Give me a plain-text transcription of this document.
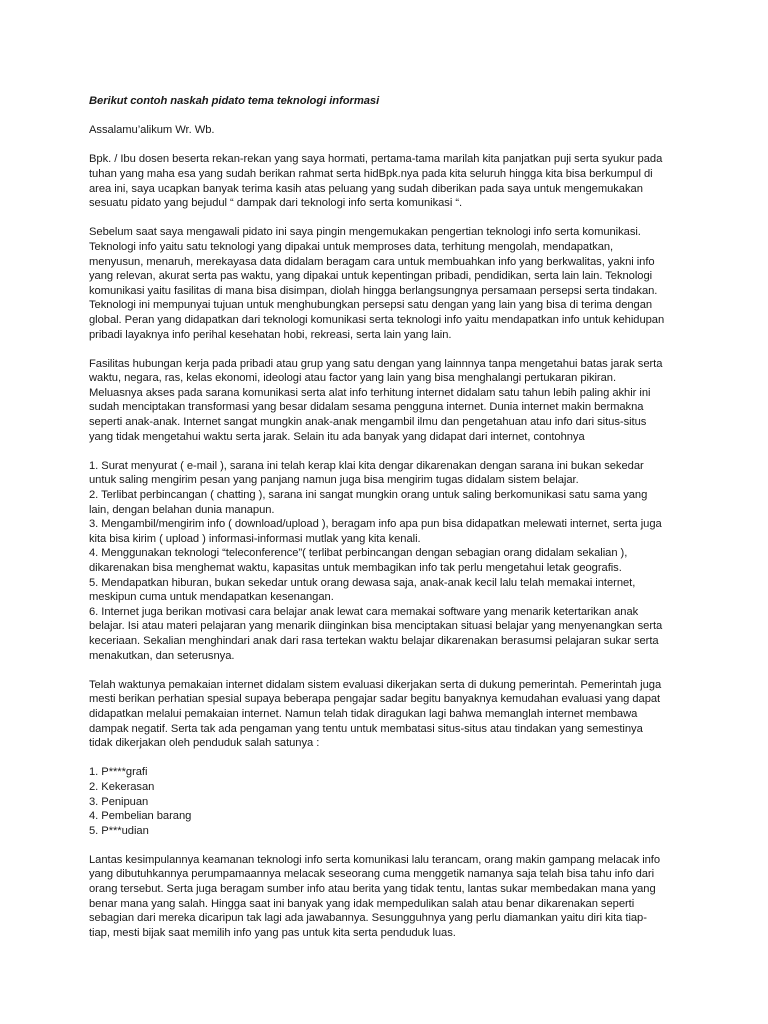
Berikut contoh naskah pidato tema teknologi informasi
Assalamu’alikum Wr. Wb.
Bpk. / Ibu dosen beserta rekan-rekan yang saya hormati, pertama-tama marilah kita panjatkan puji serta syukur pada
tuhan yang maha esa yang sudah berikan rahmat serta hidBpk.nya pada kita seluruh hingga kita bisa berkumpul di
area ini, saya ucapkan banyak terima kasih atas peluang yang sudah diberikan pada saya untuk mengemukakan
sesuatu pidato yang bejudul “ dampak dari teknologi info serta komunikasi “.
Sebelum saat saya mengawali pidato ini saya pingin mengemukakan pengertian teknologi info serta komunikasi.
Teknologi info yaitu satu teknologi yang dipakai untuk memproses data, terhitung mengolah, mendapatkan,
menyusun, menaruh, merekayasa data didalam beragam cara untuk membuahkan info yang berkwalitas, yakni info
yang relevan, akurat serta pas waktu, yang dipakai untuk kepentingan pribadi, pendidikan, serta lain lain. Teknologi
komunikasi yaitu fasilitas di mana bisa disimpan, diolah hingga berlangsungnya persamaan persepsi serta tindakan.
Teknologi ini mempunyai tujuan untuk menghubungkan persepsi satu dengan yang lain yang bisa di terima dengan
global. Peran yang didapatkan dari teknologi komunikasi serta teknologi info yaitu mendapatkan info untuk kehidupan
pribadi layaknya info perihal kesehatan hobi, rekreasi, serta lain yang lain.
Fasilitas hubungan kerja pada pribadi atau grup yang satu dengan yang lainnnya tanpa mengetahui batas jarak serta
waktu, negara, ras, kelas ekonomi, ideologi atau factor yang lain yang bisa menghalangi pertukaran pikiran.
Meluasnya akses pada sarana komunikasi serta alat info terhitung internet didalam satu tahun lebih paling akhir ini
sudah menciptakan transformasi yang besar didalam sesama pengguna internet. Dunia internet makin bermakna
seperti anak-anak. Internet sangat mungkin anak-anak mengambil ilmu dan pengetahuan atau info dari situs-situs
yang tidak mengetahui waktu serta jarak. Selain itu ada banyak yang didapat dari internet, contohnya
1. Surat menyurat ( e-mail ), sarana ini telah kerap klai kita dengar dikarenakan dengan sarana ini bukan sekedar
untuk saling mengirim pesan yang panjang namun juga bisa mengirim tugas didalam sistem belajar.
2. Terlibat perbincangan ( chatting ), sarana ini sangat mungkin orang untuk saling berkomunikasi satu sama yang
lain, dengan belahan dunia manapun.
3. Mengambil/mengirim info ( download/upload ), beragam info apa pun bisa didapatkan melewati internet, serta juga
kita bisa kirim ( upload ) informasi-informasi mutlak yang kita kenali.
4. Menggunakan teknologi “teleconference”( terlibat perbincangan dengan sebagian orang didalam sekalian ),
dikarenakan bisa menghemat waktu, kapasitas untuk membagikan info tak perlu mengetahui letak geografis.
5. Mendapatkan hiburan, bukan sekedar untuk orang dewasa saja, anak-anak kecil lalu telah memakai internet,
meskipun cuma untuk mendapatkan kesenangan.
6. Internet juga berikan motivasi cara belajar anak lewat cara memakai software yang menarik ketertarikan anak
belajar. Isi atau materi pelajaran yang menarik diinginkan bisa menciptakan situasi belajar yang menyenangkan serta
keceriaan. Sekalian menghindari anak dari rasa tertekan waktu belajar dikarenakan berasumsi pelajaran sukar serta
menakutkan, dan seterusnya.
Telah waktunya pemakaian internet didalam sistem evaluasi dikerjakan serta di dukung pemerintah. Pemerintah juga
mesti berikan perhatian spesial supaya beberapa pengajar sadar begitu banyaknya kemudahan evaluasi yang dapat
didapatkan melalui pemakaian internet. Namun telah tidak diragukan lagi bahwa memanglah internet membawa
dampak negatif. Serta tak ada pengaman yang tentu untuk membatasi situs-situs atau tindakan yang semestinya
tidak dikerjakan oleh penduduk salah satunya :
1. P****grafi
2. Kekerasan
3. Penipuan
4. Pembelian barang
5. P***udian
Lantas kesimpulannya keamanan teknologi info serta komunikasi lalu terancam, orang makin gampang melacak info
yang dibutuhkannya perumpamaannya melacak seseorang cuma menggetik namanya saja telah bisa tahu info dari
orang tersebut. Serta juga beragam sumber info atau berita yang tidak tentu, lantas sukar membedakan mana yang
benar mana yang salah. Hingga saat ini banyak yang idak mempedulikan salah atau benar dikarenakan seperti
sebagian dari mereka dicaripun tak lagi ada jawabannya. Sesungguhnya yang perlu diamankan yaitu diri kita tiap-
tiap, mesti bijak saat memilih info yang pas untuk kita serta penduduk luas.
